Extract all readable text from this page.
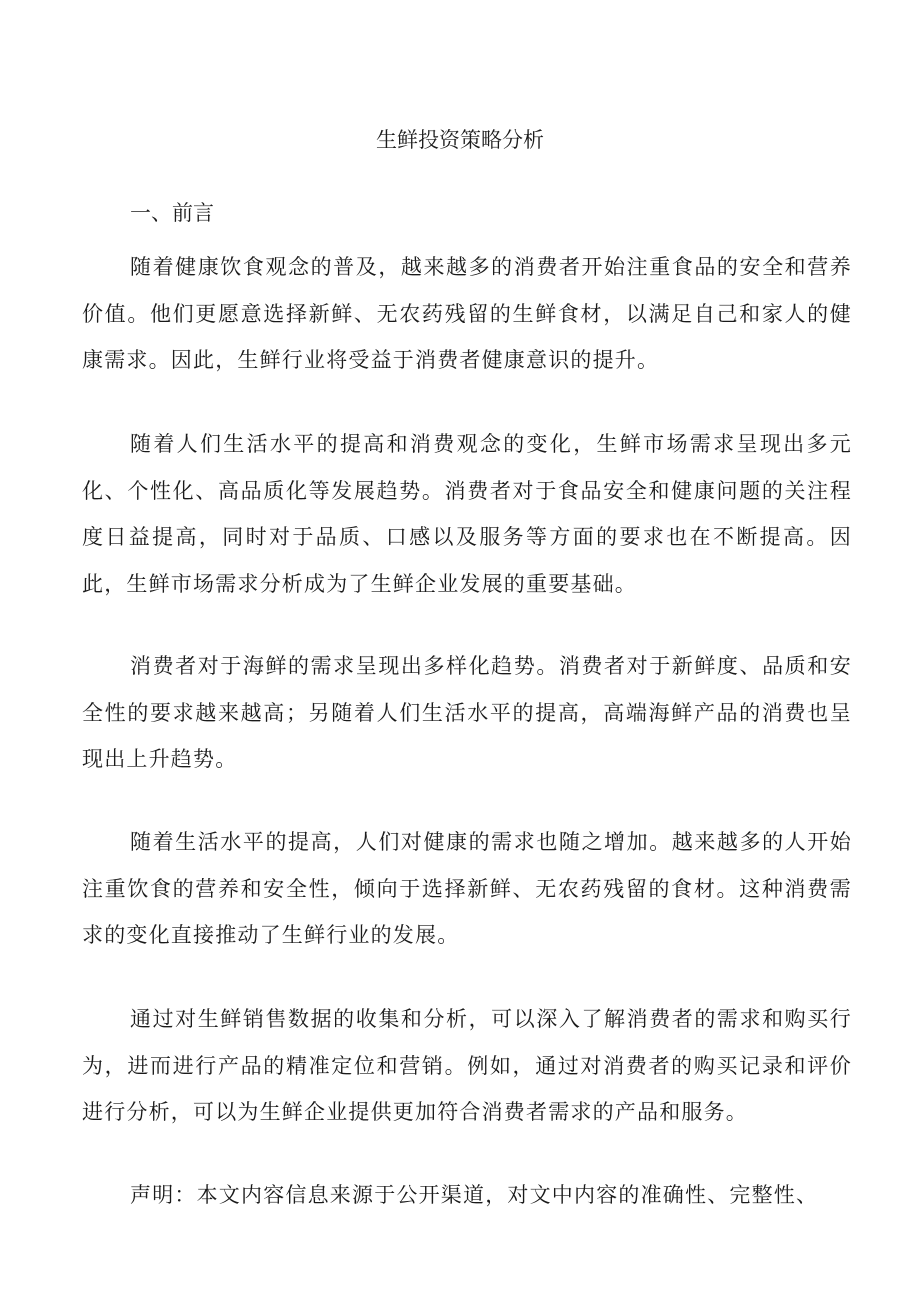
生鲜投资策略分析
一、前言

随着健康饮食观念的普及，越来越多的消费者开始注重食品的安全和营养价值。他们更愿意选择新鲜、无农药残留的生鲜食材，以满足自己和家人的健康需求。因此，生鲜行业将受益于消费者健康意识的提升。

随着人们生活水平的提高和消费观念的变化，生鲜市场需求呈现出多元化、个性化、高品质化等发展趋势。消费者对于食品安全和健康问题的关注程度日益提高，同时对于品质、口感以及服务等方面的要求也在不断提高。因此，生鲜市场需求分析成为了生鲜企业发展的重要基础。

消费者对于海鲜的需求呈现出多样化趋势。消费者对于新鲜度、品质和安全性的要求越来越高；另随着人们生活水平的提高，高端海鲜产品的消费也呈现出上升趋势。

随着生活水平的提高，人们对健康的需求也随之增加。越来越多的人开始注重饮食的营养和安全性，倾向于选择新鲜、无农药残留的食材。这种消费需求的变化直接推动了生鲜行业的发展。

通过对生鲜销售数据的收集和分析，可以深入了解消费者的需求和购买行为，进而进行产品的精准定位和营销。例如，通过对消费者的购买记录和评价进行分析，可以为生鲜企业提供更加符合消费者需求的产品和服务。

声明：本文内容信息来源于公开渠道，对文中内容的准确性、完整性、
